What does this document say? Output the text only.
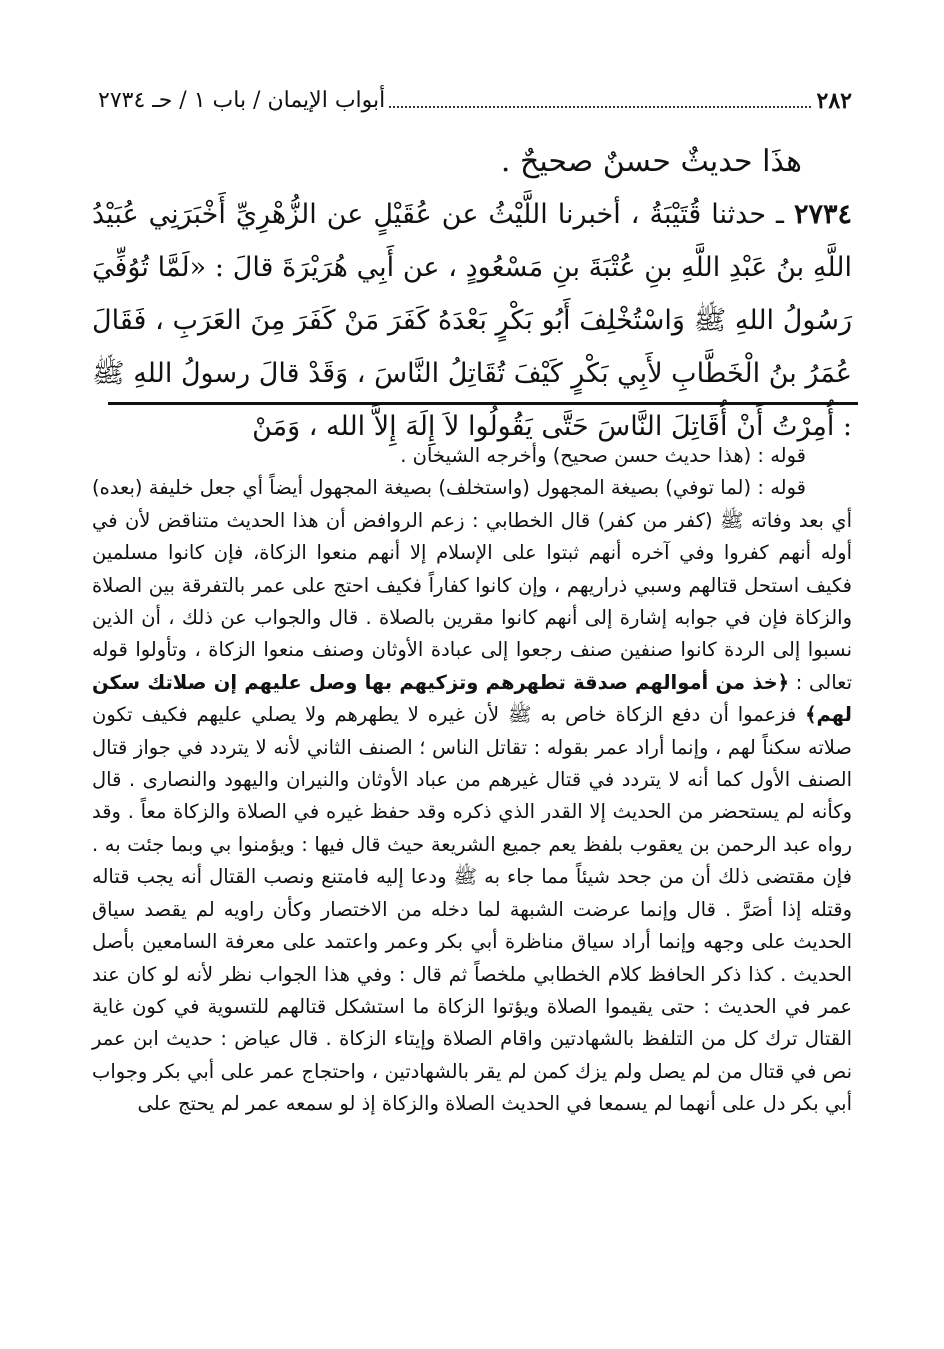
٢٨٢
أبواب الإيمان / باب ١ / حـ ٢٧٣٤

هذَا حديثٌ حسنٌ صحيحٌ .

٢٧٣٤ ـ حدثنا قُتَيْبَةُ ، أخبرنا اللَّيْثُ عن عُقَيْلٍ عن الزُّهْرِيِّ أَخْبَرَنِي عُبَيْدُ اللَّهِ بنُ عَبْدِ اللَّهِ بنِ عُتْبَةَ بنِ مَسْعُودٍ ، عن أَبِي هُرَيْرَةَ قالَ : «لَمَّا تُوُفِّيَ رَسُولُ اللهِ ﷺ وَاسْتُخْلِفَ أَبُو بَكْرٍ بَعْدَهُ كَفَرَ مَنْ كَفَرَ مِنَ العَرَبِ ، فَقَالَ عُمَرُ بنُ الْخَطَّابِ لأَبِي بَكْرٍ كَيْفَ تُقَاتِلُ النَّاسَ ، وَقَدْ قالَ رسولُ اللهِ ﷺ : أُمِرْتُ أَنْ أُقَاتِلَ النَّاسَ حَتَّى يَقُولُوا لاَ إِلَهَ إِلاَّ الله ، وَمَنْ

قوله : (هذا حديث حسن صحيح) وأخرجه الشيخان .

قوله : (لما توفي) بصيغة المجهول (واستخلف) بصيغة المجهول أيضاً أي جعل خليفة (بعده) أي بعد وفاته ﷺ (كفر من كفر) قال الخطابي : زعم الروافض أن هذا الحديث متناقض لأن في أوله أنهم كفروا وفي آخره أنهم ثبتوا على الإسلام إلا أنهم منعوا الزكاة، فإن كانوا مسلمين فكيف استحل قتالهم وسبي ذراريهم ، وإن كانوا كفاراً فكيف احتج على عمر بالتفرقة بين الصلاة والزكاة فإن في جوابه إشارة إلى أنهم كانوا مقرين بالصلاة . قال والجواب عن ذلك ، أن الذين نسبوا إلى الردة كانوا صنفين صنف رجعوا إلى عبادة الأوثان وصنف منعوا الزكاة ، وتأولوا قوله تعالى : ﴿خذ من أموالهم صدقة تطهرهم وتزكيهم بها وصل عليهم إن صلاتك سكن لهم﴾ فزعموا أن دفع الزكاة خاص به ﷺ لأن غيره لا يطهرهم ولا يصلي عليهم فكيف تكون صلاته سكناً لهم ، وإنما أراد عمر بقوله : تقاتل الناس ؛ الصنف الثاني لأنه لا يتردد في جواز قتال الصنف الأول كما أنه لا يتردد في قتال غيرهم من عباد الأوثان والنيران واليهود والنصارى . قال وكأنه لم يستحضر من الحديث إلا القدر الذي ذكره وقد حفظ غيره في الصلاة والزكاة معاً . وقد رواه عبد الرحمن بن يعقوب بلفظ يعم جميع الشريعة حيث قال فيها : ويؤمنوا بي وبما جئت به . فإن مقتضى ذلك أن من جحد شيئاً مما جاء به ﷺ ودعا إليه فامتنع ونصب القتال أنه يجب قتاله وقتله إذا أصَرَّ . قال وإنما عرضت الشبهة لما دخله من الاختصار وكأن راويه لم يقصد سياق الحديث على وجهه وإنما أراد سياق مناظرة أبي بكر وعمر واعتمد على معرفة السامعين بأصل الحديث . كذا ذكر الحافظ كلام الخطابي ملخصاً ثم قال : وفي هذا الجواب نظر لأنه لو كان عند عمر في الحديث : حتى يقيموا الصلاة ويؤتوا الزكاة ما استشكل قتالهم للتسوية في كون غاية القتال ترك كل من التلفظ بالشهادتين واقام الصلاة وإيتاء الزكاة . قال عياض : حديث ابن عمر نص في قتال من لم يصل ولم يزك كمن لم يقر بالشهادتين ، واحتجاج عمر على أبي بكر وجواب أبي بكر دل على أنهما لم يسمعا في الحديث الصلاة والزكاة إذ لو سمعه عمر لم يحتج على
